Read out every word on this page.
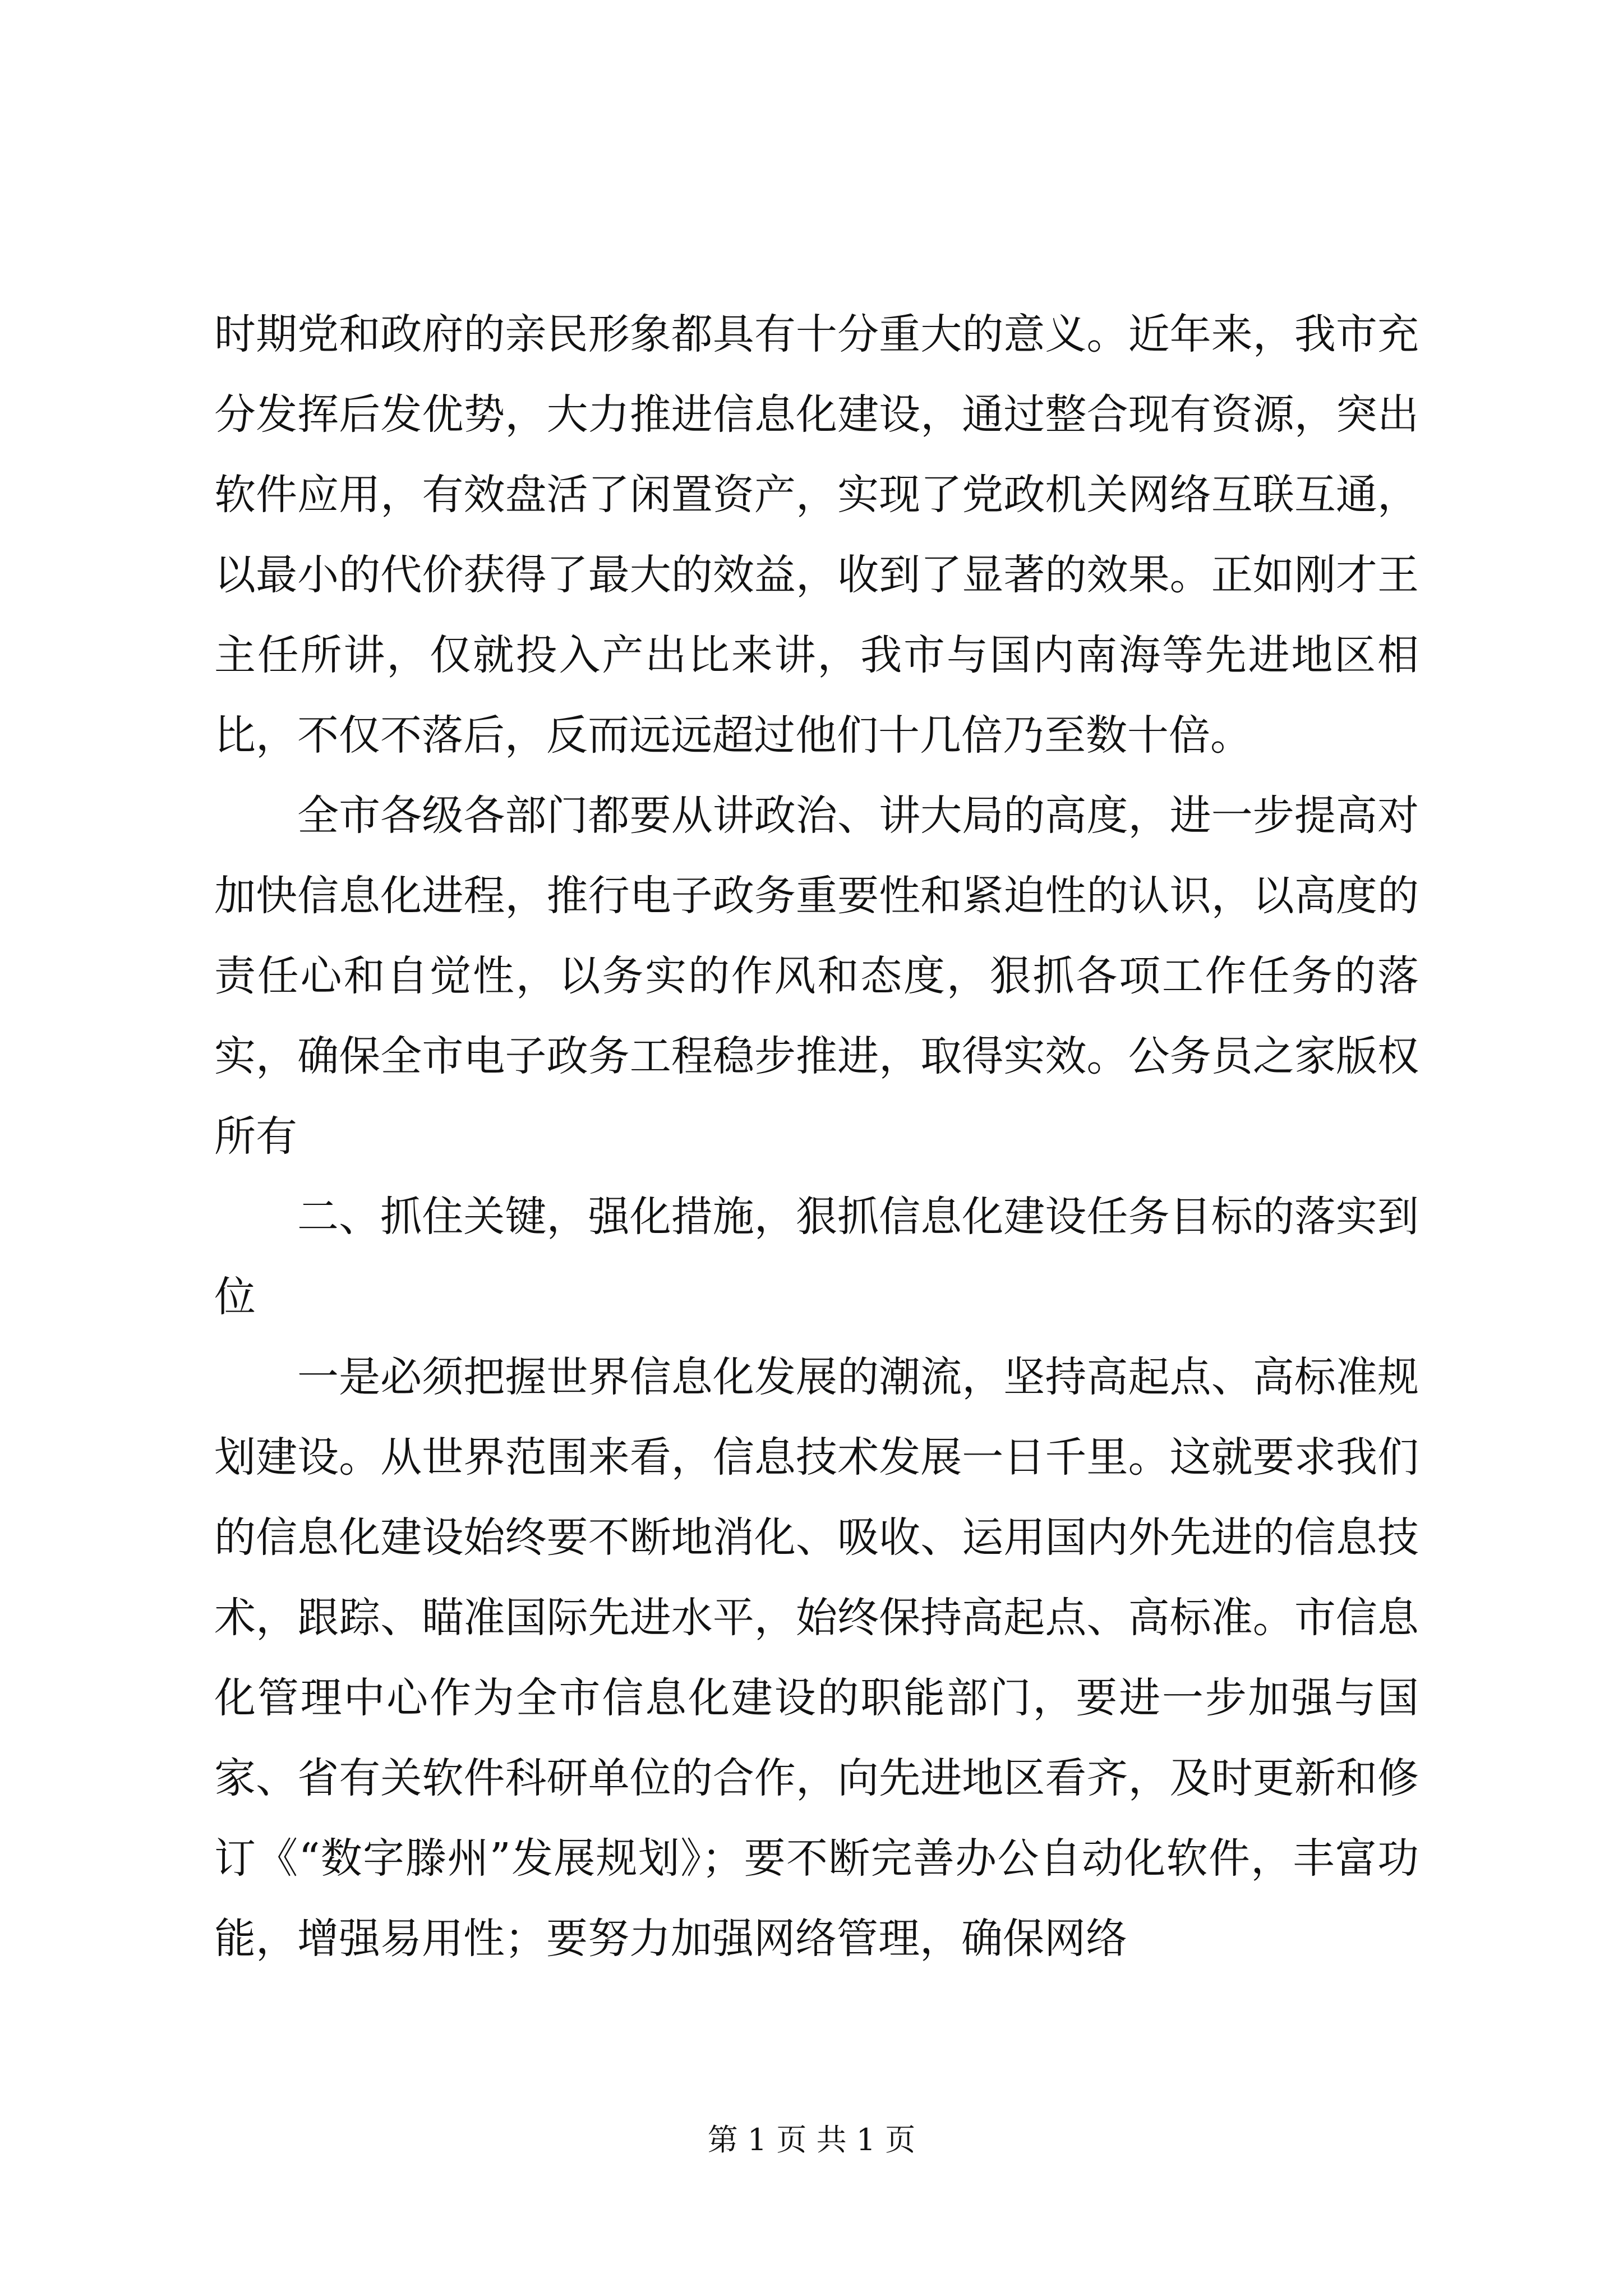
时期党和政府的亲民形象都具有十分重大的意义。近年来，我市充分发挥后发优势，大力推进信息化建设，通过整合现有资源，突出软件应用，有效盘活了闲置资产，实现了党政机关网络互联互通，以最小的代价获得了最大的效益，收到了显著的效果。正如刚才王主任所讲，仅就投入产出比来讲，我市与国内南海等先进地区相比，不仅不落后，反而远远超过他们十几倍乃至数十倍。

全市各级各部门都要从讲政治、讲大局的高度，进一步提高对加快信息化进程，推行电子政务重要性和紧迫性的认识，以高度的责任心和自觉性，以务实的作风和态度，狠抓各项工作任务的落实，确保全市电子政务工程稳步推进，取得实效。公务员之家版权所有

二、抓住关键，强化措施，狠抓信息化建设任务目标的落实到位

一是必须把握世界信息化发展的潮流，坚持高起点、高标准规划建设。从世界范围来看，信息技术发展一日千里。这就要求我们的信息化建设始终要不断地消化、吸收、运用国内外先进的信息技术，跟踪、瞄准国际先进水平，始终保持高起点、高标准。市信息化管理中心作为全市信息化建设的职能部门，要进一步加强与国家、省有关软件科研单位的合作，向先进地区看齐，及时更新和修订《“数字滕州”发展规划》；要不断完善办公自动化软件，丰富功能，增强易用性；要努力加强网络管理，确保网络

第 1 页 共 1 页
